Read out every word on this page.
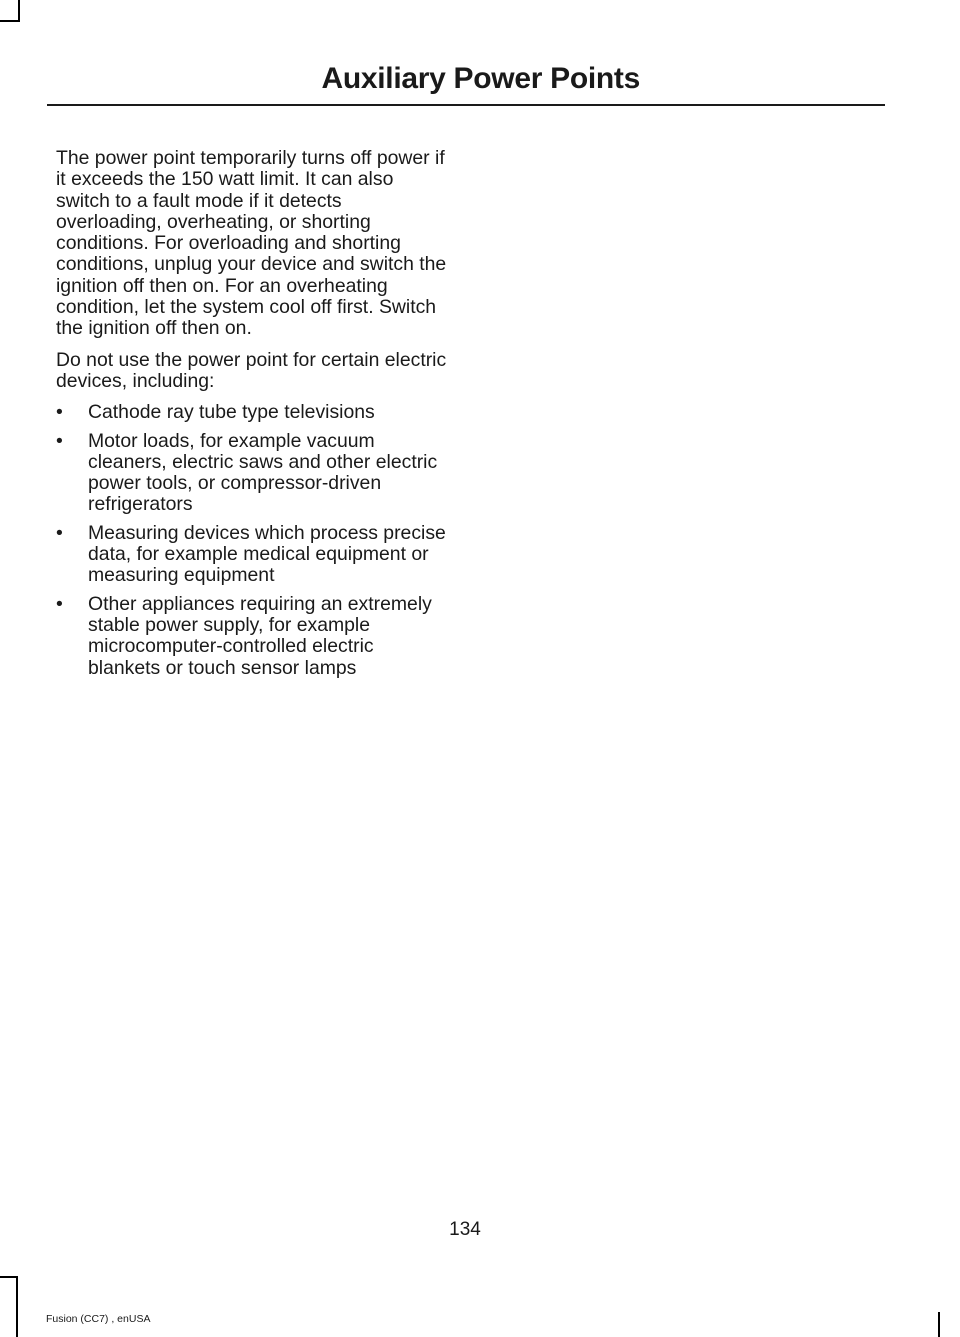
Auxiliary Power Points

The power point temporarily turns off power if it exceeds the 150 watt limit. It can also switch to a fault mode if it detects overloading, overheating, or shorting conditions. For overloading and shorting conditions, unplug your device and switch the ignition off then on. For an overheating condition, let the system cool off first. Switch the ignition off then on.

Do not use the power point for certain electric devices, including:

•	Cathode ray tube type televisions
•	Motor loads, for example vacuum cleaners, electric saws and other electric power tools, or compressor-driven refrigerators
•	Measuring devices which process precise data, for example medical equipment or measuring equipment
•	Other appliances requiring an extremely stable power supply, for example microcomputer-controlled electric blankets or touch sensor lamps
134
Fusion (CC7) , enUSA
